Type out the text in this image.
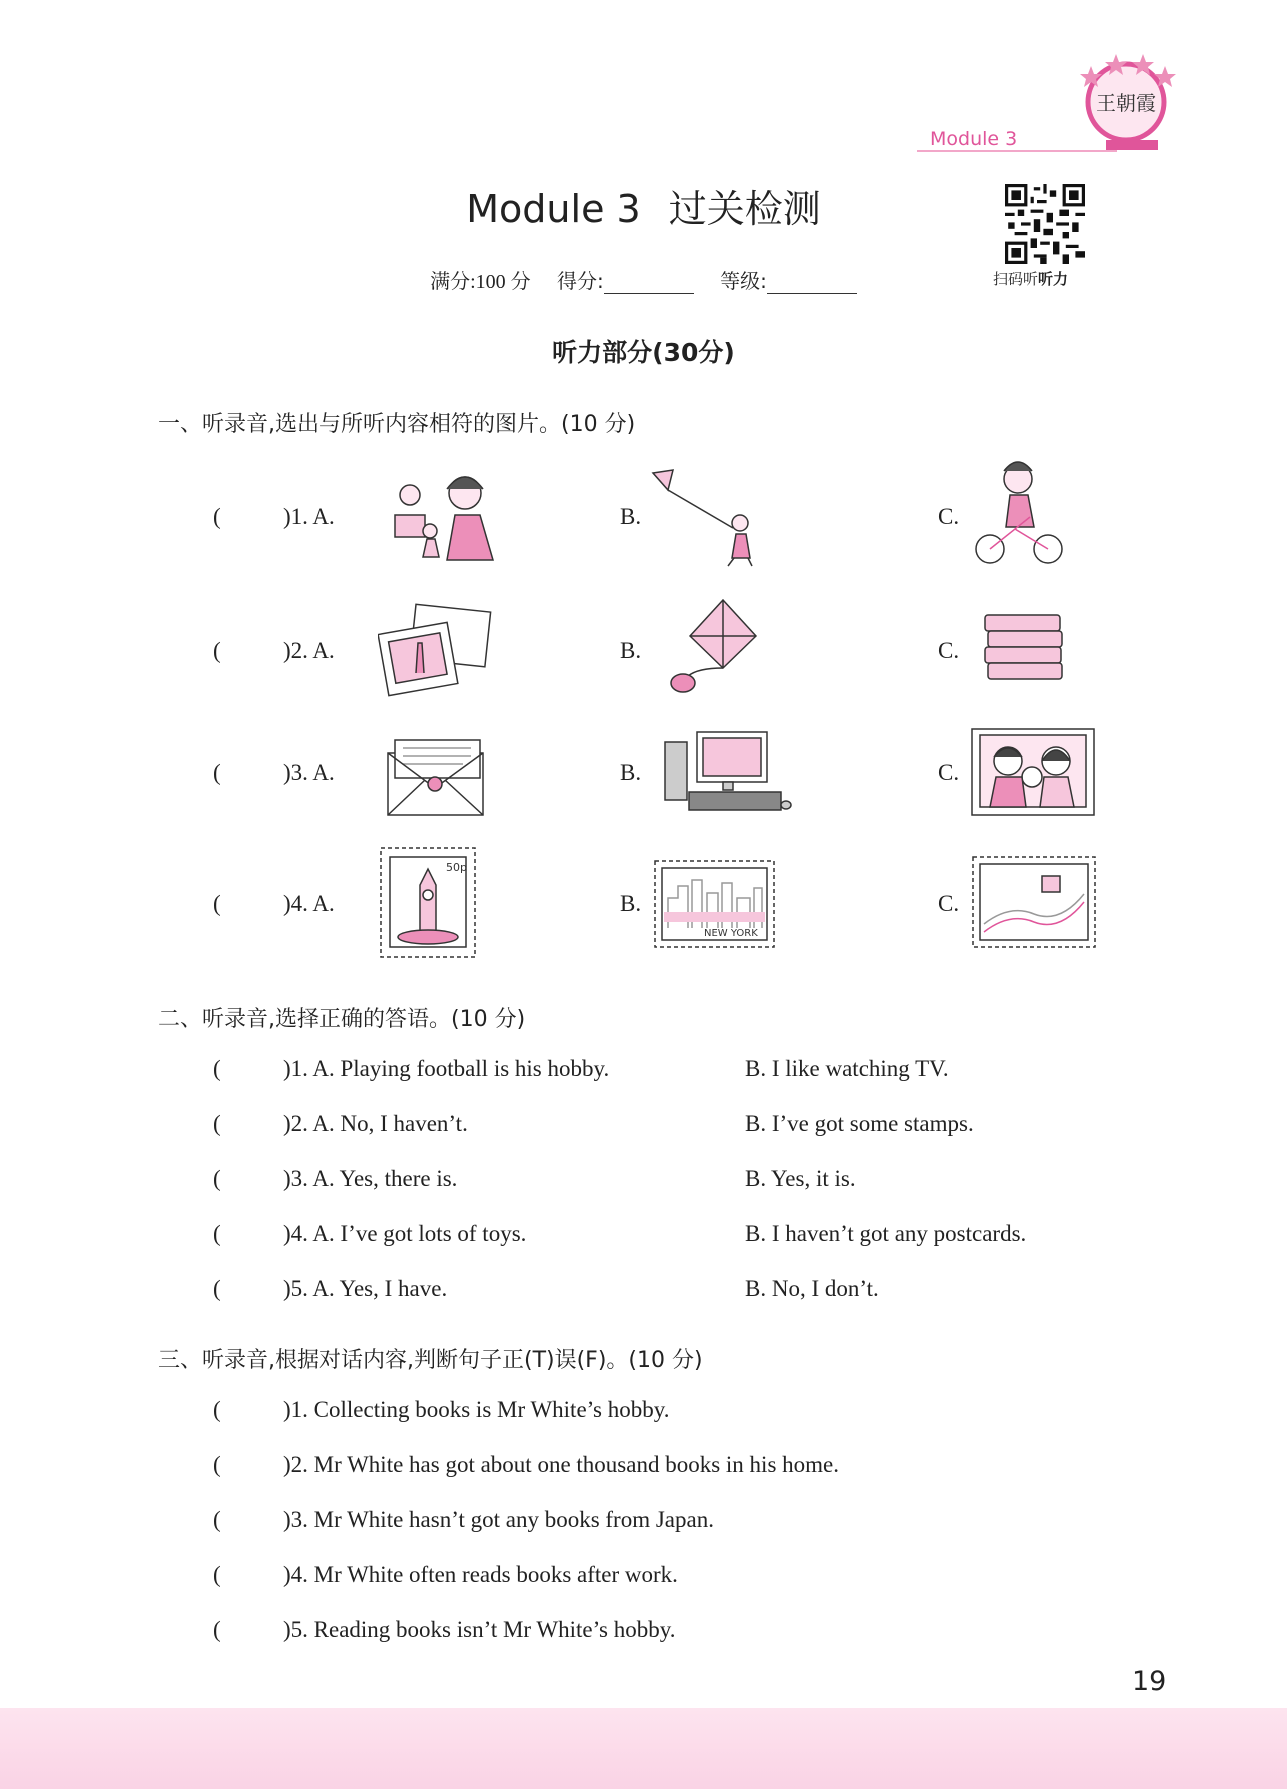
Module 3
王朝霞
Module 3 过关检测
满分:100 分 得分:	等级:	扫码听听力
听力部分(30分)
一、听录音,选出与所听内容相符的图片。(10 分)
(	)1. A.	B.	C.
(	)2. A.	B.	C.
(	)3. A.	B.	C.
(	)4. A.	B.	C.
50p
NEW YORK
二、听录音,选择正确的答语。(10 分)
(	)1. A. Playing football is his hobby.	B. I like watching TV.
(	)2. A. No, I haven’t.	B. I’ve got some stamps.
(	)3. A. Yes, there is.	B. Yes, it is.
(	)4. A. I’ve got lots of toys.	B. I haven’t got any postcards.
(	)5. A. Yes, I have.	B. No, I don’t.
三、听录音,根据对话内容,判断句子正(T)误(F)。(10 分)
(	)1. Collecting books is Mr White’s hobby.
(	)2. Mr White has got about one thousand books in his home.
(	)3. Mr White hasn’t got any books from Japan.
(	)4. Mr White often reads books after work.
(	)5. Reading books isn’t Mr White’s hobby.
19
